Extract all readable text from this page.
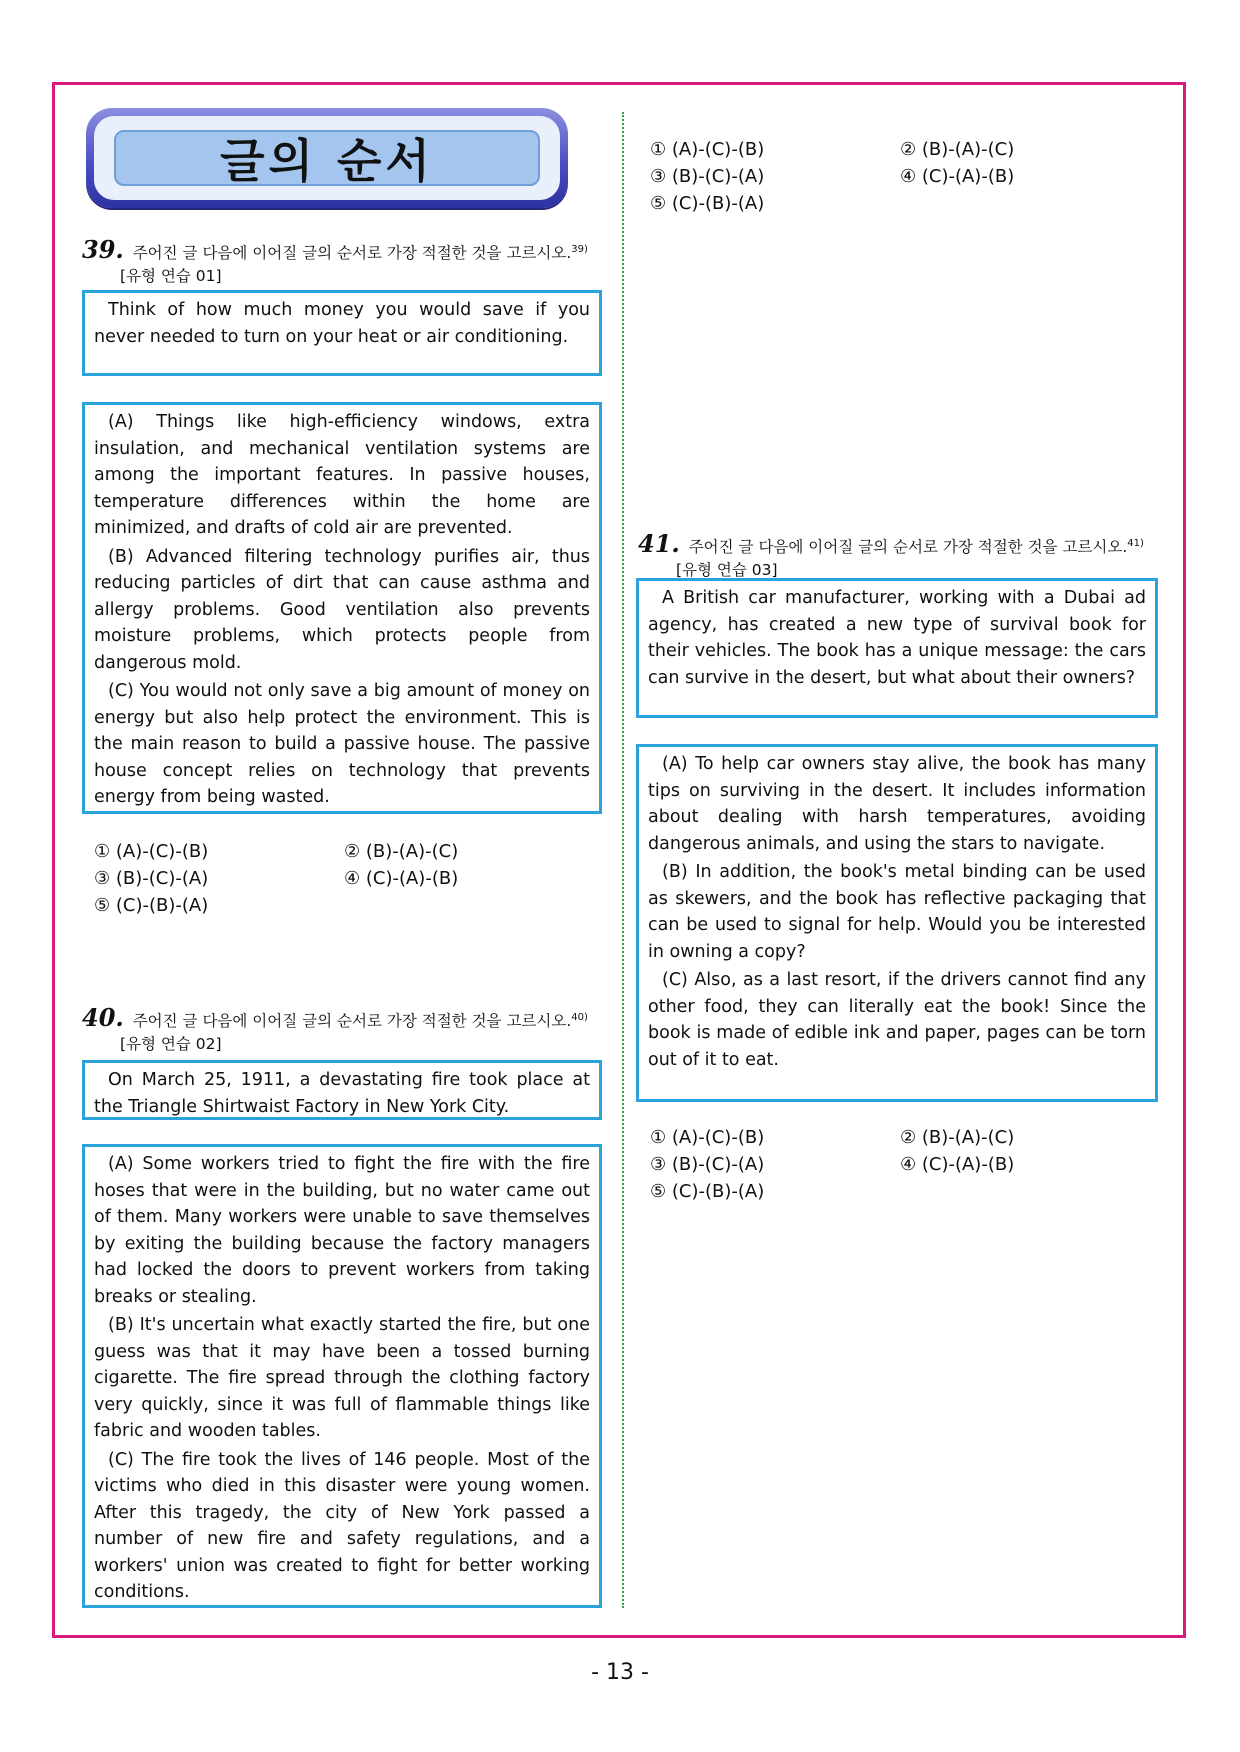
글의 순서	① (A)-(C)-(B)	② (B)-(A)-(C)
③ (B)-(C)-(A)	④ (C)-(A)-(B)
⑤ (C)-(B)-(A)
39. 주어진 글 다음에 이어질 글의 순서로 가장 적절한 것을 고르시오.$^{39)}$
[유형 연습 01]

Think of how much money you would save if you never needed to turn on your heat or air conditioning.

(A) Things like high-efficiency windows, extra insulation, and mechanical ventilation systems are among the important features. In passive houses, temperature differences within the home are minimized, and drafts of cold air are prevented.

(B) Advanced filtering technology purifies air, thus reducing particles of dirt that can cause asthma and allergy problems. Good ventilation also prevents moisture problems, which protects people from dangerous mold.

(C) You would not only save a big amount of money on energy but also help protect the environment. This is the main reason to build a passive house. The passive house concept relies on technology that prevents energy from being wasted.

① (A)-(C)-(B)	② (B)-(A)-(C)
③ (B)-(C)-(A)	④ (C)-(A)-(B)
⑤ (C)-(B)-(A)
40. 주어진 글 다음에 이어질 글의 순서로 가장 적절한 것을 고르시오.$^{40)}$
[유형 연습 02]

On March 25, 1911, a devastating fire took place at the Triangle Shirtwaist Factory in New York City.

(A) Some workers tried to fight the fire with the fire hoses that were in the building, but no water came out of them. Many workers were unable to save themselves by exiting the building because the factory managers had locked the doors to prevent workers from taking breaks or stealing.

(B) It's uncertain what exactly started the fire, but one guess was that it may have been a tossed burning cigarette. The fire spread through the clothing factory very quickly, since it was full of flammable things like fabric and wooden tables.

(C) The fire took the lives of 146 people. Most of the victims who died in this disaster were young women. After this tragedy, the city of New York passed a number of new fire and safety regulations, and a workers' union was created to fight for better working conditions.

41. 주어진 글 다음에 이어질 글의 순서로 가장 적절한 것을 고르시오.$^{41)}$
[유형 연습 03]

A British car manufacturer, working with a Dubai ad agency, has created a new type of survival book for their vehicles. The book has a unique message: the cars can survive in the desert, but what about their owners?

(A) To help car owners stay alive, the book has many tips on surviving in the desert. It includes information about dealing with harsh temperatures, avoiding dangerous animals, and using the stars to navigate.

(B) In addition, the book's metal binding can be used as skewers, and the book has reflective packaging that can be used to signal for help. Would you be interested in owning a copy?

(C) Also, as a last resort, if the drivers cannot find any other food, they can literally eat the book! Since the book is made of edible ink and paper, pages can be torn out of it to eat.

① (A)-(C)-(B)	② (B)-(A)-(C)
③ (B)-(C)-(A)	④ (C)-(A)-(B)
⑤ (C)-(B)-(A)
- 13 -
